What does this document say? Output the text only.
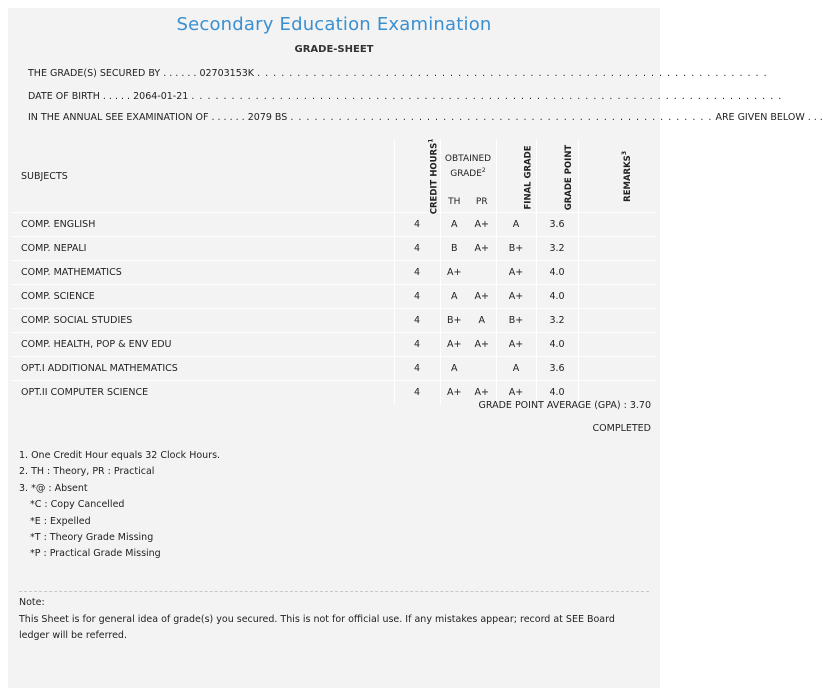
Secondary Education Examination
GRADE-SHEET
THE GRADE(S) SECURED BY . . . . . . 02703153K . . . . . . . . . . . . . . . . . . . . . . . . . . . . . . . . . . . . . . . . . . . . . . . . . . . . . . . . . . . . . . . .
DATE OF BIRTH . . . . . 2064-01-21 . . . . . . . . . . . . . . . . . . . . . . . . . . . . . . . . . . . . . . . . . . . . . . . . . . . . . . . . . . . . . . . . . . . . . . . . . .
IN THE ANNUAL SEE EXAMINATION OF . . . . . . 2079 BS . . . . . . . . . . . . . . . . . . . . . . . . . . . . . . . . . . . . . . . . . . . . . . . . . . . . . ARE GIVEN BELOW . . .
SUBJECTS	CREDIT HOURS$^1$	OBTAINED GRADE$^2$		FINAL GRADE	GRADE POINT	REMARKS$^3$
		TH	PR			
COMP. ENGLISH	4	A	A+	A	3.6	
COMP. NEPALI	4	B	A+	B+	3.2	
COMP. MATHEMATICS	4	A+		A+	4.0	
COMP. SCIENCE	4	A	A+	A+	4.0	
COMP. SOCIAL STUDIES	4	B+	A	B+	3.2	
COMP. HEALTH, POP & ENV EDU	4	A+	A+	A+	4.0	
OPT.I ADDITIONAL MATHEMATICS	4	A		A	3.6	
OPT.II COMPUTER SCIENCE	4	A+	A+	A+	4.0	
GRADE POINT AVERAGE (GPA) : 3.70
COMPLETED
1. One Credit Hour equals 32 Clock Hours.
2. TH : Theory, PR : Practical
3. *@ : Absent
*C : Copy Cancelled
*E : Expelled
*T : Theory Grade Missing
*P : Practical Grade Missing
Note:
This Sheet is for general idea of grade(s) you secured. This is not for official use. If any mistakes appear; record at SEE Board ledger will be referred.
